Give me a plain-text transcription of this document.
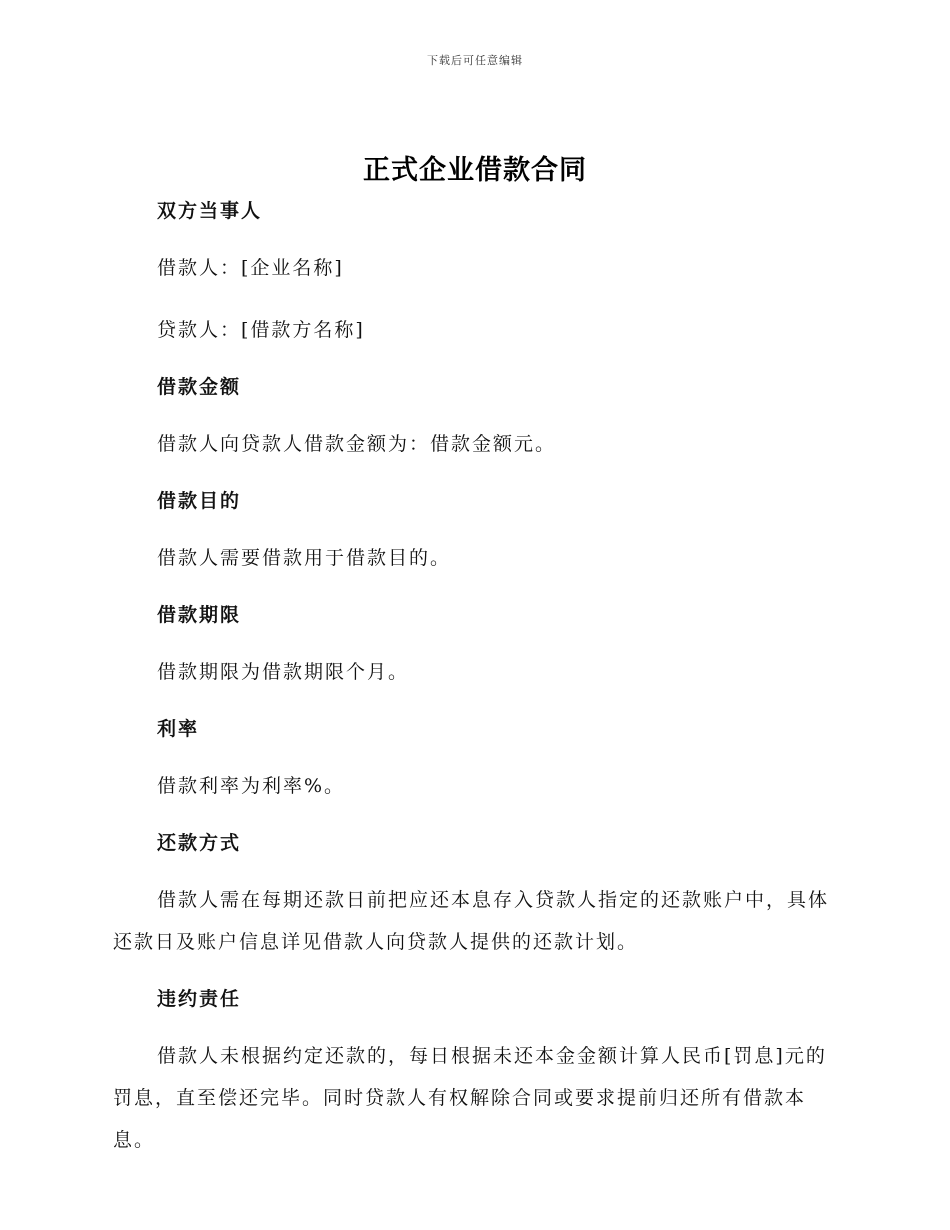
下载后可任意编辑
正式企业借款合同
双方当事人

借款人：[企业名称]

贷款人：[借款方名称]

借款金额

借款人向贷款人借款金额为：借款金额元。

借款目的

借款人需要借款用于借款目的。

借款期限

借款期限为借款期限个月。

利率

借款利率为利率%。

还款方式

借款人需在每期还款日前把应还本息存入贷款人指定的还款账户中，具体还款日及账户信息详见借款人向贷款人提供的还款计划。

违约责任

借款人未根据约定还款的，每日根据未还本金金额计算人民币[罚息]元的罚息，直至偿还完毕。同时贷款人有权解除合同或要求提前归还所有借款本息。
